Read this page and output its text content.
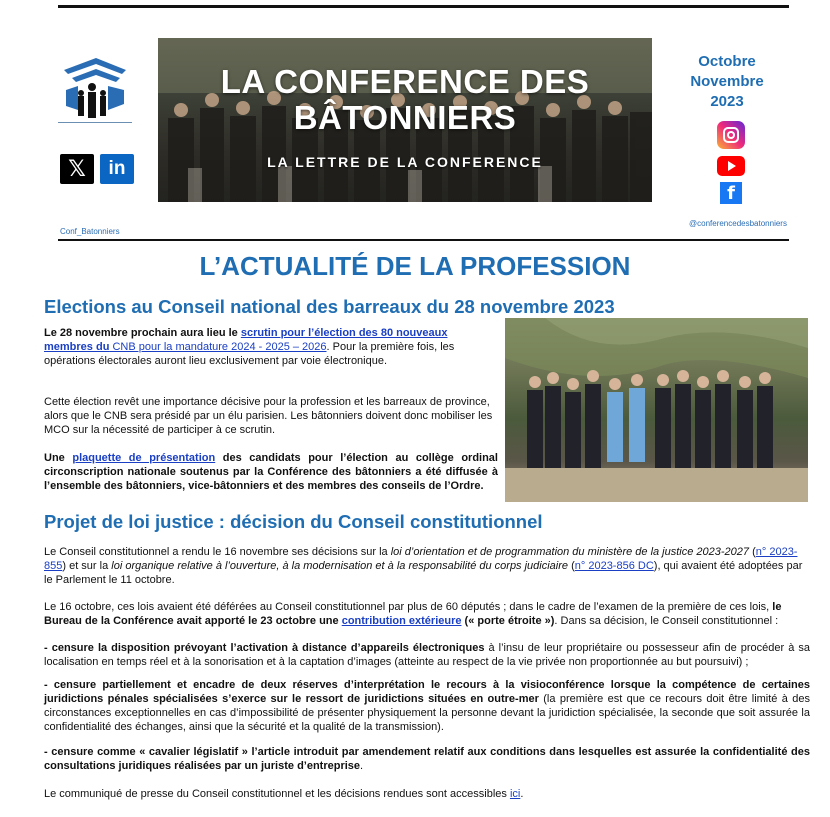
𝕏	in
Conf_Batonniers
LA CONFERENCE DES
BÂTONNIERS
LA LETTRE DE LA CONFERENCE
Octobre
Novembre
2023
f
@conferencedesbatonniers
L’ACTUALITÉ DE LA PROFESSION
Elections au Conseil national des barreaux du 28 novembre 2023
Le 28 novembre prochain aura lieu le scrutin pour l’élection des 80 nouveaux membres du CNB pour la mandature 2024 - 2025 – 2026. Pour la première fois, les opérations électorales auront lieu exclusivement par voie électronique.
Cette élection revêt une importance décisive pour la profession et les barreaux de province, alors que le CNB sera présidé par un élu parisien. Les bâtonniers doivent donc mobiliser les MCO sur la nécessité de participer à ce scrutin.
Une plaquette de présentation des candidats pour l’élection au collège ordinal circonscription nationale soutenus par la Conférence des bâtonniers a été diffusée à l’ensemble des bâtonniers, vice-bâtonniers et des membres des conseils de l’Ordre.
Projet de loi justice : décision du Conseil constitutionnel
Le Conseil constitutionnel a rendu le 16 novembre ses décisions sur la loi d’orientation et de programmation du ministère de la justice 2023-2027 (n° 2023-855) et sur la loi organique relative à l’ouverture, à la modernisation et à la responsabilité du corps judiciaire (n° 2023-856 DC), qui avaient été adoptées par le Parlement le 11 octobre.
Le 16 octobre, ces lois avaient été déférées au Conseil constitutionnel par plus de 60 députés ; dans le cadre de l’examen de la première de ces lois, le Bureau de la Conférence avait apporté le 23 octobre une contribution extérieure (« porte étroite »). Dans sa décision, le Conseil constitutionnel :
- censure la disposition prévoyant l’activation à distance d’appareils électroniques à l’insu de leur propriétaire ou possesseur afin de procéder à sa localisation en temps réel et à la sonorisation et à la captation d’images (atteinte au respect de la vie privée non proportionnée au but poursuivi) ;
- censure partiellement et encadre de deux réserves d’interprétation le recours à la visioconférence lorsque la compétence de certaines juridictions pénales spécialisées s’exerce sur le ressort de juridictions situées en outre-mer (la première est que ce recours doit être limité à des circonstances exceptionnelles en cas d’impossibilité de présenter physiquement la personne devant la juridiction spécialisée, la seconde que soit assurée la confidentialité des échanges, ainsi que la sécurité et la qualité de la transmission).
- censure comme « cavalier législatif » l’article introduit par amendement relatif aux conditions dans lesquelles est assurée la confidentialité des consultations juridiques réalisées par un juriste d’entreprise.
Le communiqué de presse du Conseil constitutionnel et les décisions rendues sont accessibles ici.
